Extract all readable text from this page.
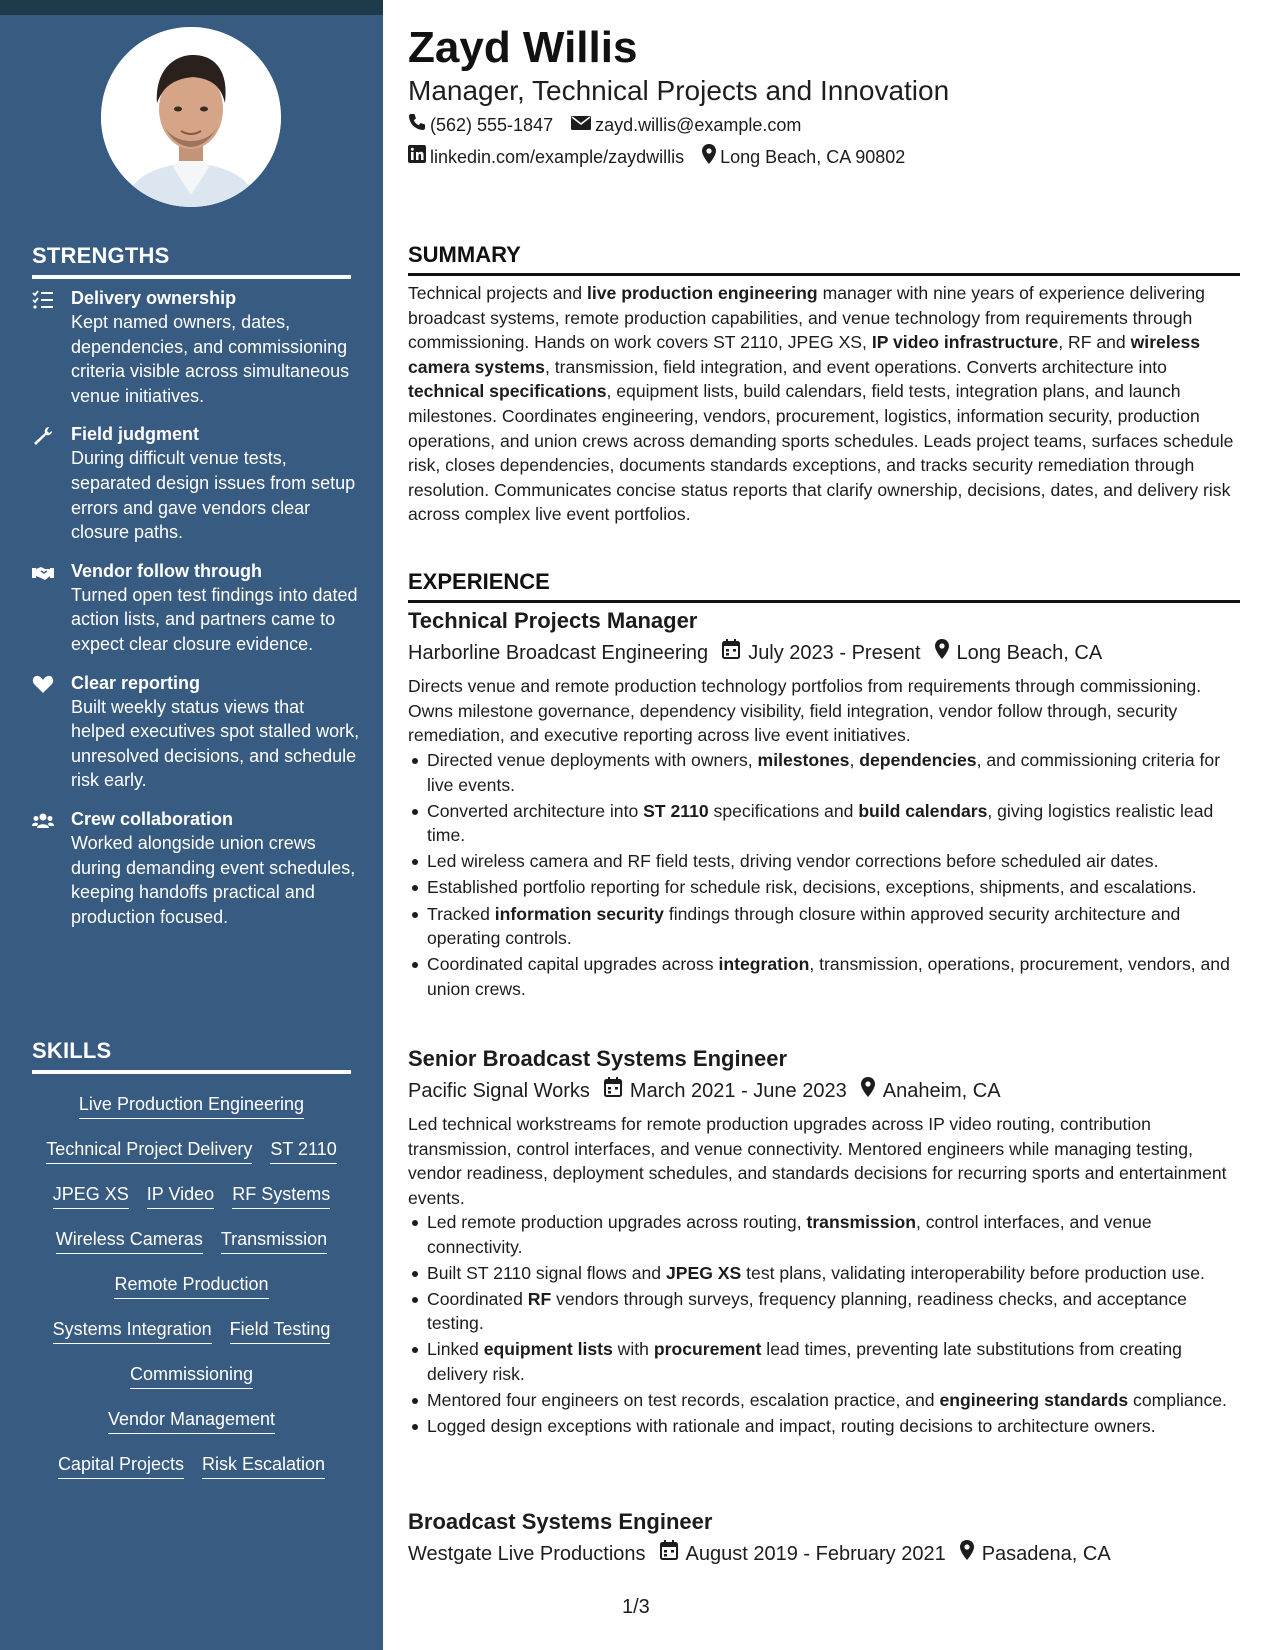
STRENGTHS
Delivery ownership
Kept named owners, dates, dependencies, and commissioning criteria visible across simultaneous venue initiatives.
Field judgment
During difficult venue tests, separated design issues from setup errors and gave vendors clear closure paths.
Vendor follow through
Turned open test findings into dated action lists, and partners came to expect clear closure evidence.
Clear reporting
Built weekly status views that helped executives spot stalled work, unresolved decisions, and schedule risk early.
Crew collaboration
Worked alongside union crews during demanding event schedules, keeping handoffs practical and production focused.
SKILLS
Live Production Engineering
Technical Project Delivery ST 2110
JPEG XS IP Video RF Systems
Wireless Cameras Transmission
Remote Production
Systems Integration Field Testing
Commissioning
Vendor Management
Capital Projects Risk Escalation
Zayd Willis
Manager, Technical Projects and Innovation
(562) 555-1847 zayd.willis@example.com
linkedin.com/example/zaydwillis Long Beach, CA 90802
SUMMARY

Technical projects and live production engineering manager with nine years of experience delivering broadcast systems, remote production capabilities, and venue technology from requirements through commissioning. Hands on work covers ST 2110, JPEG XS, IP video infrastructure, RF and wireless camera systems, transmission, field integration, and event operations. Converts architecture into technical specifications, equipment lists, build calendars, field tests, integration plans, and launch milestones. Coordinates engineering, vendors, procurement, logistics, information security, production operations, and union crews across demanding sports schedules. Leads project teams, surfaces schedule risk, closes dependencies, documents standards exceptions, and tracks security remediation through resolution. Communicates concise status reports that clarify ownership, decisions, dates, and delivery risk across complex live event portfolios.

EXPERIENCE
Technical Projects Manager
Harborline Broadcast Engineering July 2023 - Present Long Beach, CA

Directs venue and remote production technology portfolios from requirements through commissioning. Owns milestone governance, dependency visibility, field integration, vendor follow through, security remediation, and executive reporting across live event initiatives.

Directed venue deployments with owners, milestones, dependencies, and commissioning criteria for live events.
Converted architecture into ST 2110 specifications and build calendars, giving logistics realistic lead time.
Led wireless camera and RF field tests, driving vendor corrections before scheduled air dates.
Established portfolio reporting for schedule risk, decisions, exceptions, shipments, and escalations.
Tracked information security findings through closure within approved security architecture and operating controls.
Coordinated capital upgrades across integration, transmission, operations, procurement, vendors, and union crews.
Senior Broadcast Systems Engineer
Pacific Signal Works March 2021 - June 2023 Anaheim, CA

Led technical workstreams for remote production upgrades across IP video routing, contribution transmission, control interfaces, and venue connectivity. Mentored engineers while managing testing, vendor readiness, deployment schedules, and standards decisions for recurring sports and entertainment events.

Led remote production upgrades across routing, transmission, control interfaces, and venue connectivity.
Built ST 2110 signal flows and JPEG XS test plans, validating interoperability before production use.
Coordinated RF vendors through surveys, frequency planning, readiness checks, and acceptance testing.
Linked equipment lists with procurement lead times, preventing late substitutions from creating delivery risk.
Mentored four engineers on test records, escalation practice, and engineering standards compliance.
Logged design exceptions with rationale and impact, routing decisions to architecture owners.
Broadcast Systems Engineer
Westgate Live Productions August 2019 - February 2021 Pasadena, CA
1/3
